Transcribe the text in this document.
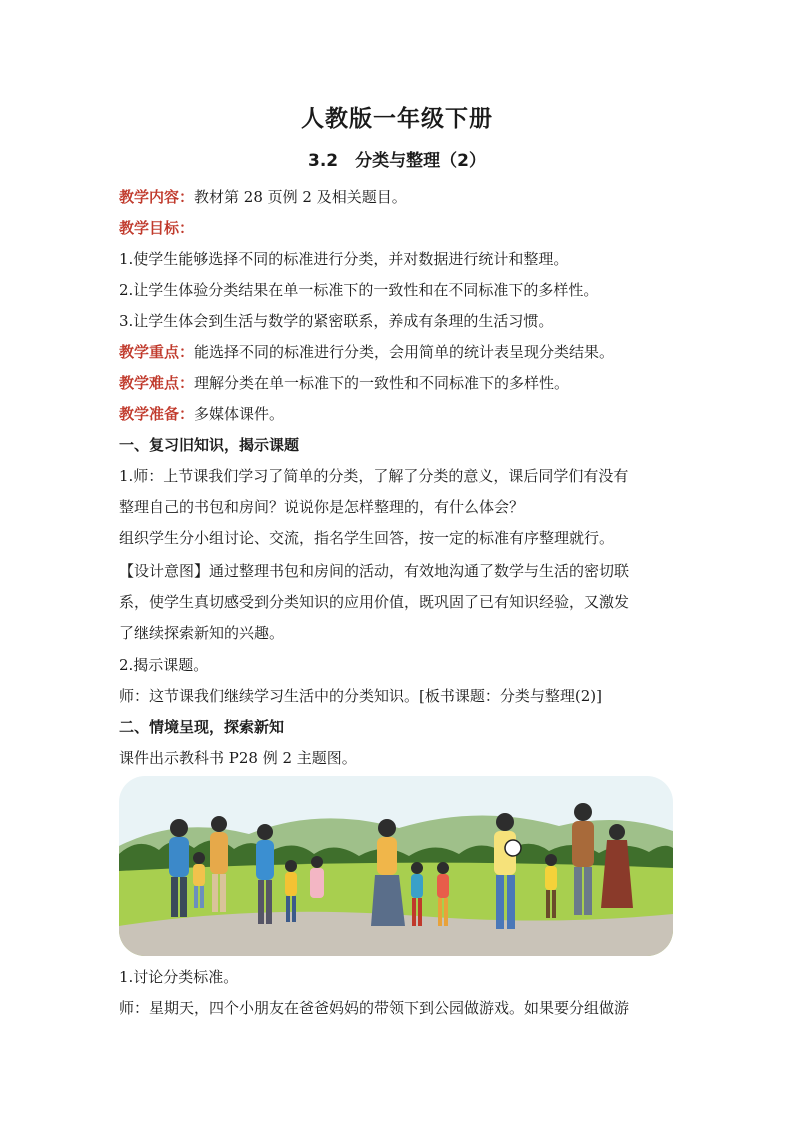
人教版一年级下册
3.2　分类与整理（2）
教学内容：教材第 28 页例 2 及相关题目。
教学目标：
1.使学生能够选择不同的标准进行分类，并对数据进行统计和整理。
2.让学生体验分类结果在单一标准下的一致性和在不同标准下的多样性。
3.让学生体会到生活与数学的紧密联系，养成有条理的生活习惯。
教学重点：能选择不同的标准进行分类，会用简单的统计表呈现分类结果。
教学难点：理解分类在单一标准下的一致性和不同标准下的多样性。
教学准备：多媒体课件。
一、复习旧知识，揭示课题
1.师：上节课我们学习了简单的分类，了解了分类的意义，课后同学们有没有
整理自己的书包和房间？说说你是怎样整理的，有什么体会？
组织学生分小组讨论、交流，指名学生回答，按一定的标准有序整理就行。
【设计意图】通过整理书包和房间的活动，有效地沟通了数学与生活的密切联
系，使学生真切感受到分类知识的应用价值，既巩固了已有知识经验，又激发
了继续探索新知的兴趣。
2.揭示课题。
师：这节课我们继续学习生活中的分类知识。[板书课题：分类与整理(2)]
二、情境呈现，探索新知
课件出示教科书 P28 例 2 主题图。
1.讨论分类标准。
师：星期天，四个小朋友在爸爸妈妈的带领下到公园做游戏。如果要分组做游
